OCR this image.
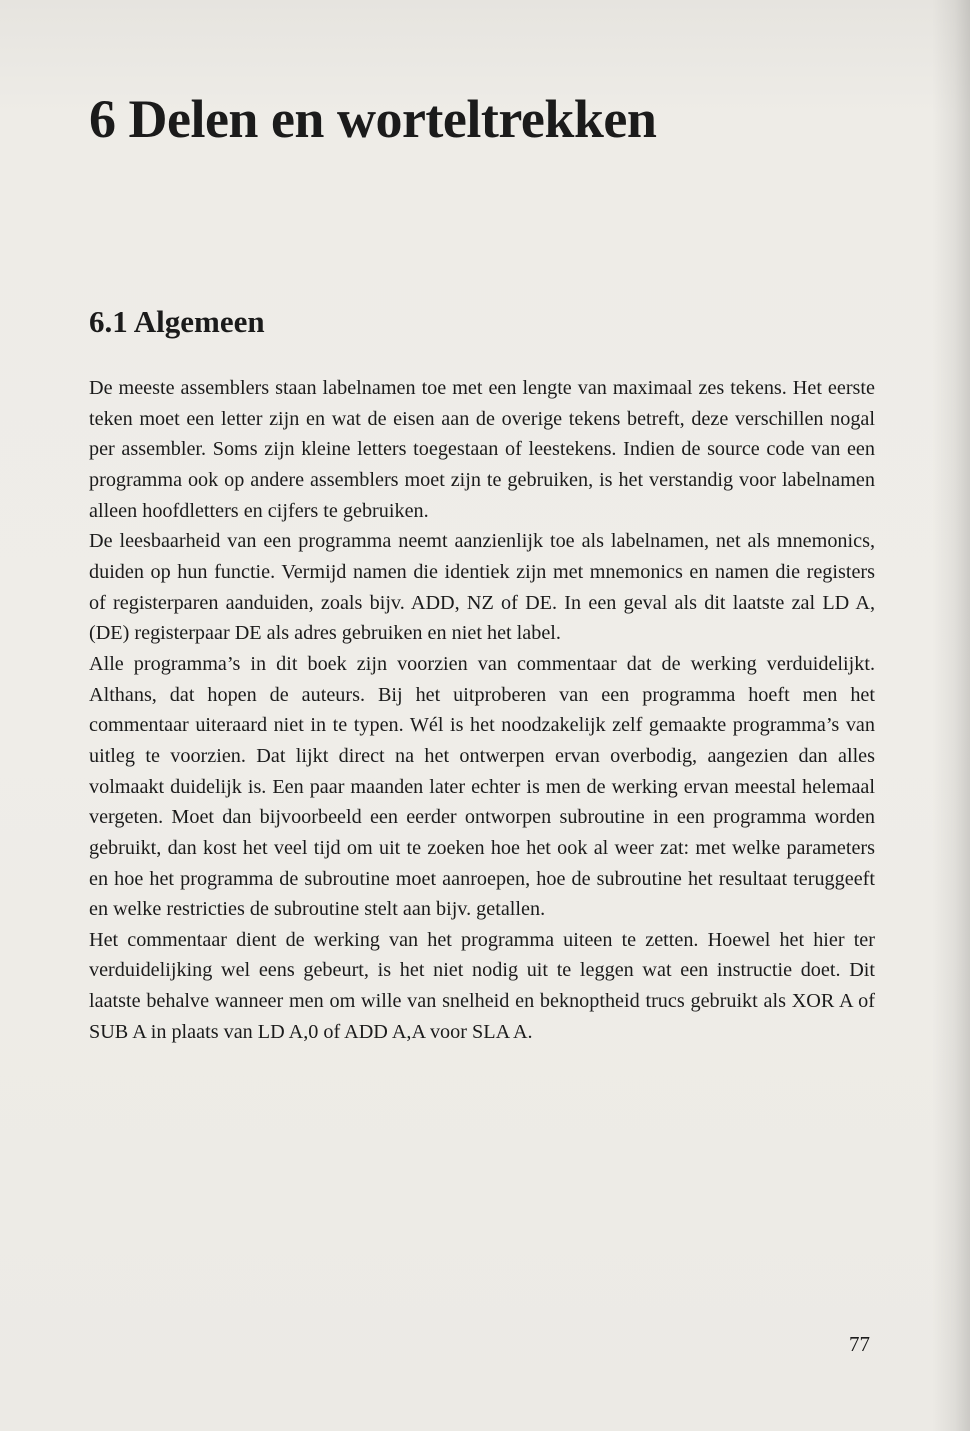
6 Delen en worteltrekken
6.1 Algemeen

De meeste assemblers staan labelnamen toe met een lengte van maximaal zes tekens. Het eerste teken moet een letter zijn en wat de eisen aan de overige tekens betreft, deze verschillen nogal per assembler. Soms zijn kleine letters toegestaan of leestekens. Indien de source code van een programma ook op andere assemblers moet zijn te gebruiken, is het verstandig voor labelnamen alleen hoofdletters en cijfers te gebruiken.

De leesbaarheid van een programma neemt aanzienlijk toe als labelnamen, net als mnemonics, duiden op hun functie. Vermijd namen die identiek zijn met mnemonics en namen die registers of registerparen aanduiden, zoals bijv. ADD, NZ of DE. In een geval als dit laatste zal LD A,(DE) registerpaar DE als adres gebruiken en niet het label.

Alle programma’s in dit boek zijn voorzien van commentaar dat de werking verduidelijkt. Althans, dat hopen de auteurs. Bij het uitproberen van een programma hoeft men het commentaar uiteraard niet in te typen. Wél is het noodzakelijk zelf gemaakte programma’s van uitleg te voorzien. Dat lijkt direct na het ontwerpen ervan overbodig, aangezien dan alles volmaakt duidelijk is. Een paar maanden later echter is men de werking ervan meestal helemaal vergeten. Moet dan bijvoorbeeld een eerder ontworpen subroutine in een programma worden gebruikt, dan kost het veel tijd om uit te zoeken hoe het ook al weer zat: met welke parameters en hoe het programma de subroutine moet aanroepen, hoe de subroutine het resultaat teruggeeft en welke restricties de subroutine stelt aan bijv. getallen.

Het commentaar dient de werking van het programma uiteen te zetten. Hoewel het hier ter verduidelijking wel eens gebeurt, is het niet nodig uit te leggen wat een instructie doet. Dit laatste behalve wanneer men om wille van snelheid en beknoptheid trucs gebruikt als XOR A of SUB A in plaats van LD A,0 of ADD A,A voor SLA A.

77
